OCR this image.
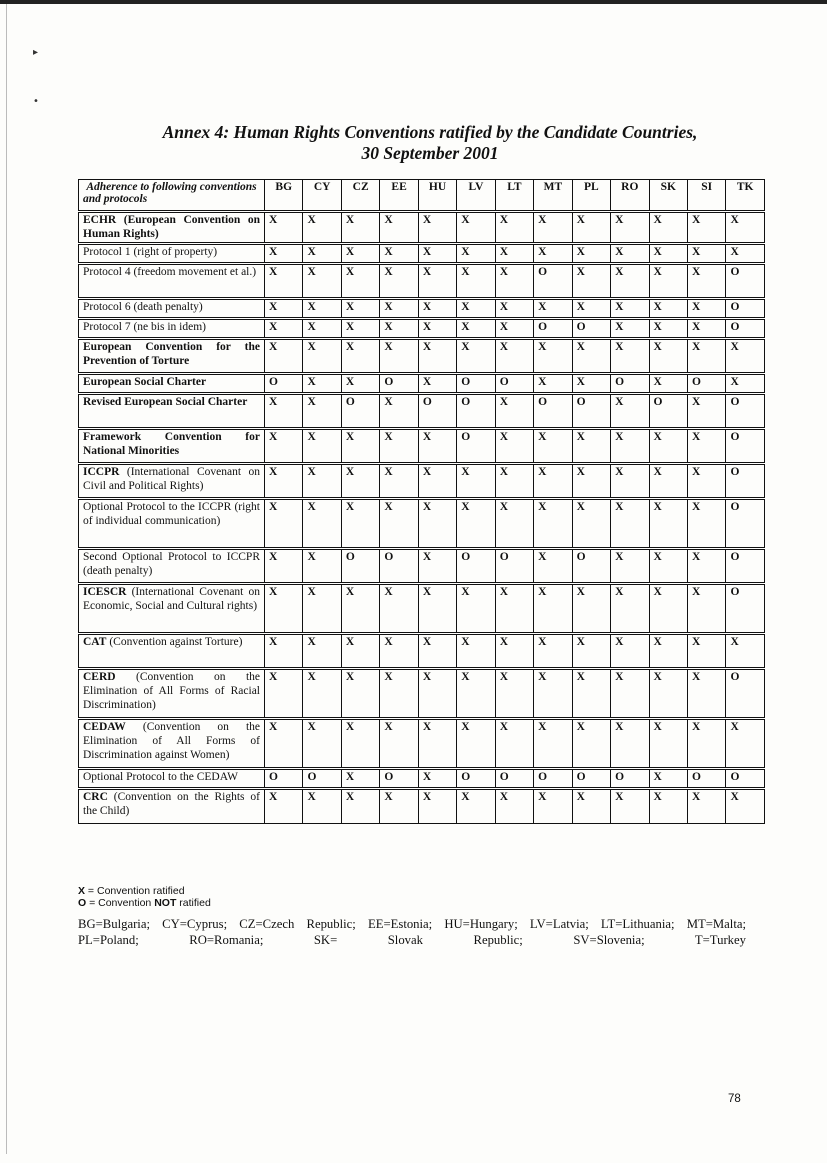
▸
•
Annex 4: Human Rights Conventions ratified by the Candidate Countries,
30 September 2001
Adherence to following conventions and protocols	BG	CY	CZ	EE	HU	LV	LT	MT	PL	RO	SK	SI	TK
ECHR (European Convention on Human Rights)	X	X	X	X	X	X	X	X	X	X	X	X	X
Protocol 1 (right of property)	X	X	X	X	X	X	X	X	X	X	X	X	X
Protocol 4 (freedom movement et al.)	X	X	X	X	X	X	X	O	X	X	X	X	O
Protocol 6 (death penalty)	X	X	X	X	X	X	X	X	X	X	X	X	O
Protocol 7 (ne bis in idem)	X	X	X	X	X	X	X	O	O	X	X	X	O
European Convention for the Prevention of Torture	X	X	X	X	X	X	X	X	X	X	X	X	X
European Social Charter	O	X	X	O	X	O	O	X	X	O	X	O	X
Revised European Social Charter	X	X	O	X	O	O	X	O	O	X	O	X	O
Framework Convention for National Minorities	X	X	X	X	X	O	X	X	X	X	X	X	O
ICCPR (International Covenant on Civil and Political Rights)	X	X	X	X	X	X	X	X	X	X	X	X	O
Optional Protocol to the ICCPR (right of individual communication)	X	X	X	X	X	X	X	X	X	X	X	X	O
Second Optional Protocol to ICCPR (death penalty)	X	X	O	O	X	O	O	X	O	X	X	X	O
ICESCR (International Covenant on Economic, Social and Cultural rights)	X	X	X	X	X	X	X	X	X	X	X	X	O
CAT (Convention against Torture)	X	X	X	X	X	X	X	X	X	X	X	X	X
CERD (Convention on the Elimination of All Forms of Racial Discrimination)	X	X	X	X	X	X	X	X	X	X	X	X	O
CEDAW (Convention on the Elimination of All Forms of Discrimination against Women)	X	X	X	X	X	X	X	X	X	X	X	X	X
Optional Protocol to the CEDAW	O	O	X	O	X	O	O	O	O	O	X	O	O
CRC (Convention on the Rights of the Child)	X	X	X	X	X	X	X	X	X	X	X	X	X
X = Convention ratified
O = Convention NOT ratified
BG=Bulgaria; CY=Cyprus; CZ=Czech Republic; EE=Estonia; HU=Hungary; LV=Latvia; LT=Lithuania; MT=Malta;
PL=Poland; RO=Romania; SK= Slovak Republic; SV=Slovenia; T=Turkey
78
